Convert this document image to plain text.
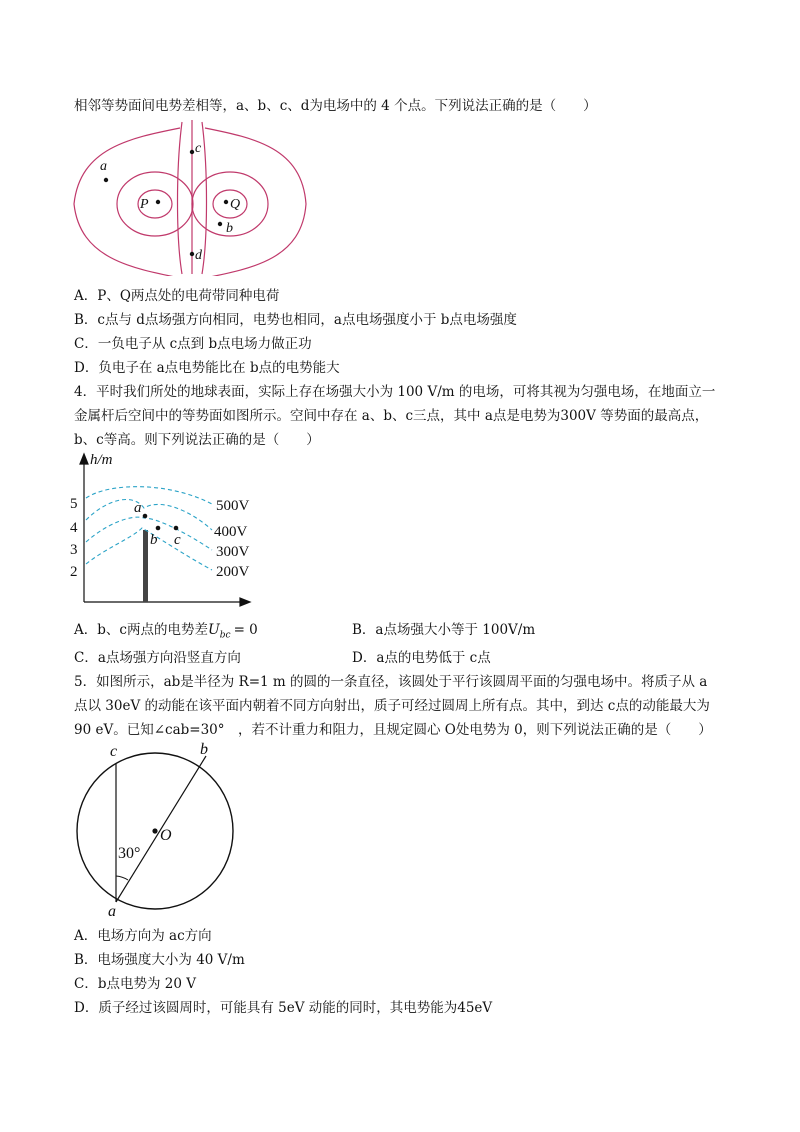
相邻等势面间电势差相等，a、b、c、d为电场中的 4 个点。下列说法正确的是（　　）
a
P	Q
b
c
d
A．P、Q两点处的电荷带同种电荷
B．c点与 d点场强方向相同，电势也相同，a点电场强度小于 b点电场强度
C．一负电子从 c点到 b点电场力做正功
D．负电子在 a点电势能比在 b点的电势能大
4．平时我们所处的地球表面，实际上存在场强大小为 100 V/m 的电场，可将其视为匀强电场，在地面立一
金属杆后空间中的等势面如图所示。空间中存在 a、b、c三点，其中 a点是电势为300V 等势面的最高点，
b、c等高。则下列说法正确的是（　　）
h/m
5
4
3
2
500V
400V
300V
200V
a
b c
A．b、c两点的电势差$U_{bc} = 0$	B．a点场强大小等于 100V/m
C．a点场强方向沿竖直方向	D．a点的电势低于 c点
5．如图所示，ab是半径为 R=1 m 的圆的一条直径，该圆处于平行该圆周平面的匀强电场中。将质子从 a
点以 30eV 的动能在该平面内朝着不同方向射出，质子可经过圆周上所有点。其中，到达 c点的动能最大为
90 eV。已知∠cab=30°　，若不计重力和阻力，且规定圆心 O处电势为 0，则下列说法正确的是（　　）
c	b
O
30°
a
A．电场方向为 ac方向
B．电场强度大小为 40 V/m
C．b点电势为 20 V
D．质子经过该圆周时，可能具有 5eV 动能的同时，其电势能为45eV
